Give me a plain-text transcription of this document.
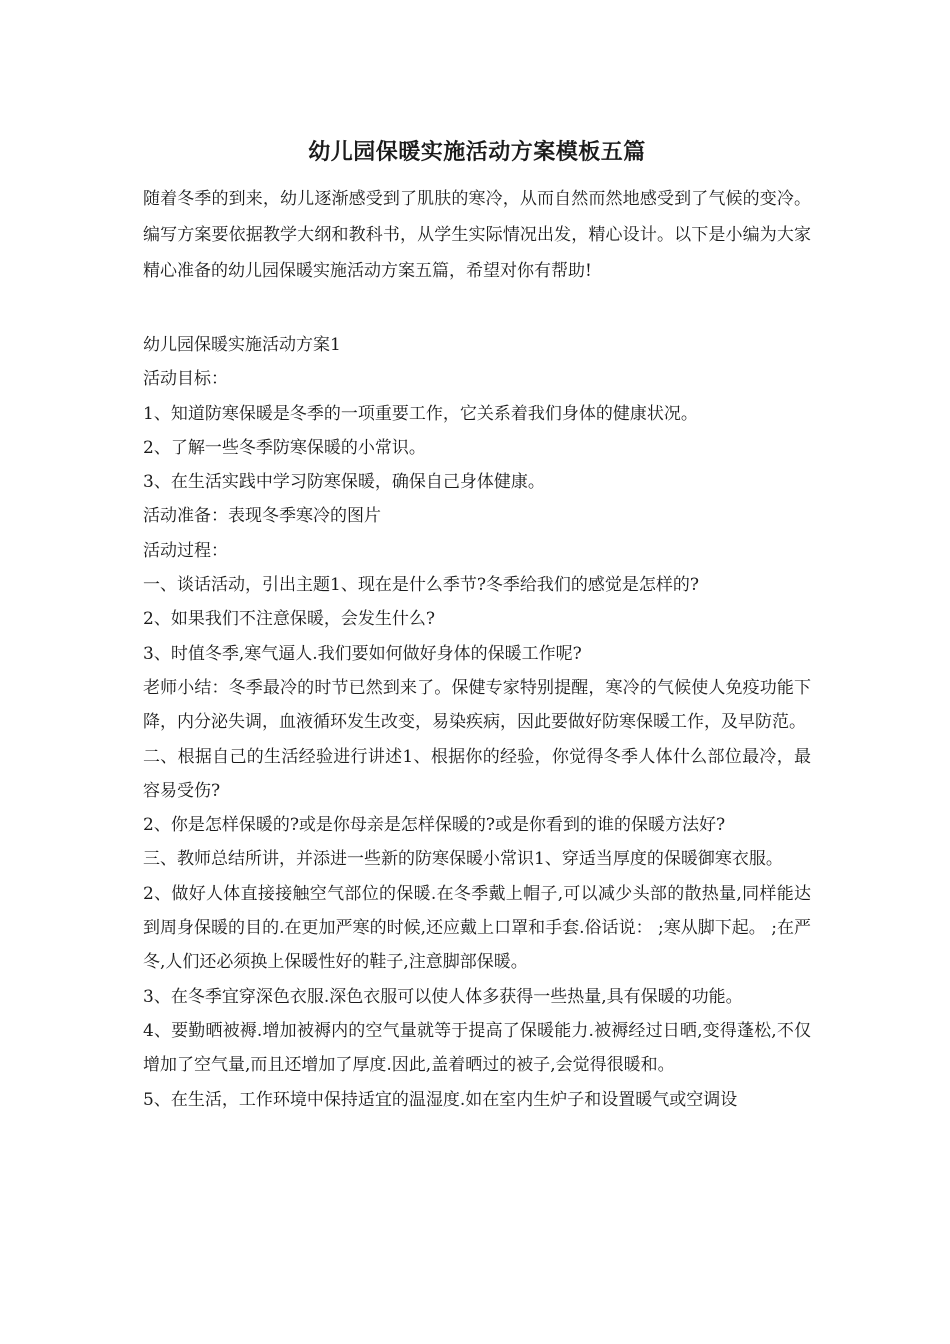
幼儿园保暖实施活动方案模板五篇

随着冬季的到来，幼儿逐渐感受到了肌肤的寒冷，从而自然而然地感受到了气候的变冷。编写方案要依据教学大纲和教科书，从学生实际情况出发，精心设计。以下是小编为大家精心准备的幼儿园保暖实施活动方案五篇，希望对你有帮助!

幼儿园保暖实施活动方案1

活动目标：

1、知道防寒保暖是冬季的一项重要工作，它关系着我们身体的健康状况。

2、了解一些冬季防寒保暖的小常识。

3、在生活实践中学习防寒保暖，确保自己身体健康。

活动准备：表现冬季寒冷的图片

活动过程：

一、谈话活动，引出主题1、现在是什么季节?冬季给我们的感觉是怎样的?

2、如果我们不注意保暖，会发生什么?

3、时值冬季,寒气逼人.我们要如何做好身体的保暖工作呢?

老师小结：冬季最冷的时节已然到来了。保健专家特别提醒，寒冷的气候使人免疫功能下降，内分泌失调，血液循环发生改变，易染疾病，因此要做好防寒保暖工作，及早防范。

二、根据自己的生活经验进行讲述1、根据你的经验，你觉得冬季人体什么部位最冷，最容易受伤?

2、你是怎样保暖的?或是你母亲是怎样保暖的?或是你看到的谁的保暖方法好?

三、教师总结所讲，并添进一些新的防寒保暖小常识1、穿适当厚度的保暖御寒衣服。

2、做好人体直接接触空气部位的保暖.在冬季戴上帽子,可以减少头部的散热量,同样能达到周身保暖的目的.在更加严寒的时候,还应戴上口罩和手套.俗话说： ;寒从脚下起。 ;在严冬,人们还必须换上保暖性好的鞋子,注意脚部保暖。

3、在冬季宜穿深色衣服.深色衣服可以使人体多获得一些热量,具有保暖的功能。

4、要勤晒被褥.增加被褥内的空气量就等于提高了保暖能力.被褥经过日晒,变得蓬松,不仅增加了空气量,而且还增加了厚度.因此,盖着晒过的被子,会觉得很暖和。

5、在生活，工作环境中保持适宜的温湿度.如在室内生炉子和设置暖气或空调设
